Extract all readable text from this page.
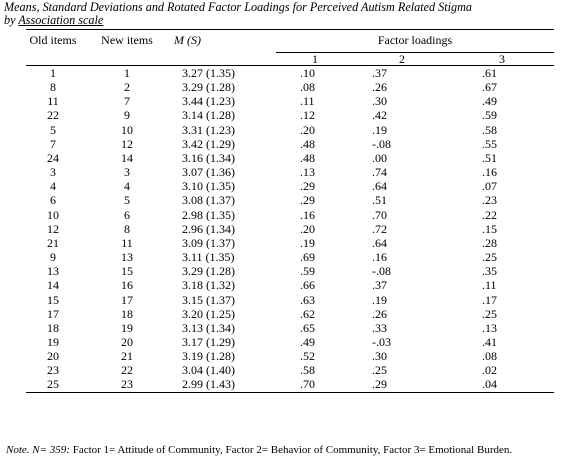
Means, Standard Deviations and Rotated Factor Loadings for Perceived Autism Related Stigma
by Association scale
Old items	New items	M (S)	Factor loadings		
			1	2	3
1	1	3.27 (1.35)	.10	.37	.61
8	2	3.29 (1.28)	.08	.26	.67
11	7	3.44 (1.23)	.11	.30	.49
22	9	3.14 (1.28)	.12	.42	.59
5	10	3.31 (1.23)	.20	.19	.58
7	12	3.42 (1.29)	.48	-.08	.55
24	14	3.16 (1.34)	.48	.00	.51
3	3	3.07 (1.36)	.13	.74	.16
4	4	3.10 (1.35)	.29	.64	.07
6	5	3.08 (1.37)	.29	.51	.23
10	6	2.98 (1.35)	.16	.70	.22
12	8	2.96 (1.34)	.20	.72	.15
21	11	3.09 (1.37)	.19	.64	.28
9	13	3.11 (1.35)	.69	.16	.25
13	15	3.29 (1.28)	.59	-.08	.35
14	16	3.18 (1.32)	.66	.37	.11
15	17	3.15 (1.37)	.63	.19	.17
17	18	3.20 (1.25)	.62	.26	.25
18	19	3.13 (1.34)	.65	.33	.13
19	20	3.17 (1.29)	.49	-.03	.41
20	21	3.19 (1.28)	.52	.30	.08
23	22	3.04 (1.40)	.58	.25	.02
25	23	2.99 (1.43)	.70	.29	.04
Note. N= 359: Factor 1= Attitude of Community, Factor 2= Behavior of Community, Factor 3= Emotional Burden.
